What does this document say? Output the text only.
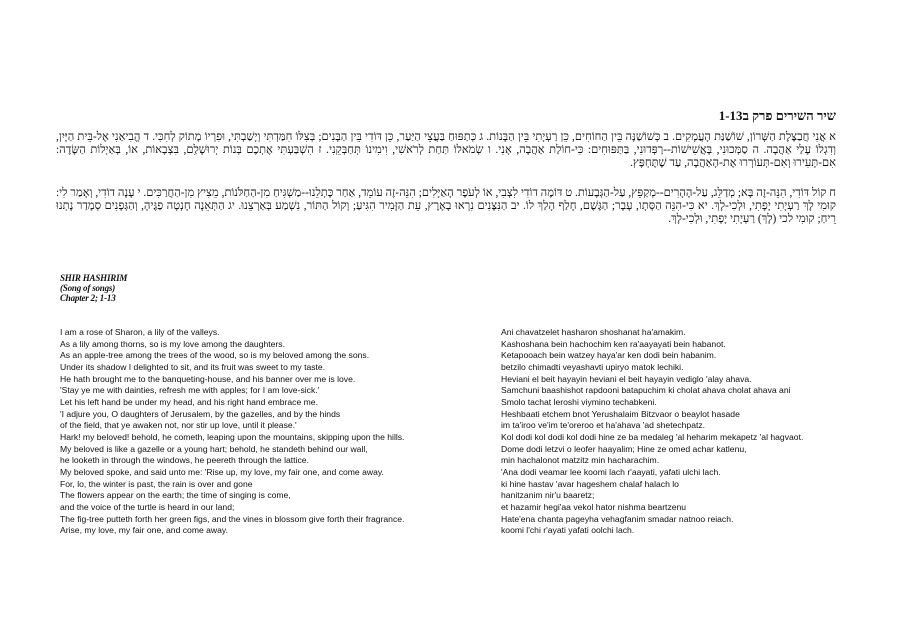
שיר השירים פרק ב1-13
א אֲנִי חֲבַצֶּלֶת הַשָּׁרוֹן, שׁוֹשַׁנַּת הָעֲמָקִים. ב כְּשׁוֹשַׁנָּה בֵּין הַחוֹחִים, כֵּן רַעְיָתִי בֵּין הַבָּנוֹת. ג כְּתַפּוּחַ בַּעֲצֵי הַיַּעַר, כֵּן דּוֹדִי בֵּין הַבָּנִים; בְּצִלּוֹ חִמַּדְתִּי וְיָשַׁבְתִּי, וּפִרְיוֹ מָתוֹק לְחִכִּי. ד הֱבִיאַנִי אֶל-בֵּית הַיָּיִן, וְדִגְלוֹ עָלַי אַהֲבָה. ה סַמְּכוּנִי, בָּאֲשִׁישׁוֹת--רַפְּדוּנִי, בַּתַּפּוּחִים: כִּי-חוֹלַת אַהֲבָה, אָנִי. ו שְׂמֹאלוֹ תַּחַת לְרֹאשִׁי, וִימִינוֹ תְּחַבְּקֵנִי. ז הִשְׁבַּעְתִּי אֶתְכֶם בְּנוֹת יְרוּשָׁלִַם, בִּצְבָאוֹת, אוֹ, בְּאַיְלוֹת הַשָּׂדֶה: אִם-תָּעִירוּ וְאִם-תְּעוֹרְרוּ אֶת-הָאַהֲבָה, עַד שֶׁתֶּחְפָּץ.
ח קוֹל דּוֹדִי, הִנֵּה-זֶה בָּא; מְדַלֵּג, עַל-הֶהָרִים--מְקַפֵּץ, עַל-הַגְּבָעוֹת. ט דּוֹמֶה דוֹדִי לִצְבִי, אוֹ לְעֹפֶר הָאַיָּלִים; הִנֵּה-זֶה עוֹמֵד, אַחַר כָּתְלֵנוּ--מַשְׁגִּיחַ מִן-הַחַלֹּנוֹת, מֵצִיץ מִן-הַחֲרַכִּים. י עָנָה דוֹדִי, וְאָמַר לִי: קוּמִי לָךְ רַעְיָתִי יָפָתִי, וּלְכִי-לָךְ. יא כִּי-הִנֵּה הַסְּתָו, עָבָר; הַגֶּשֶׁם, חָלַף הָלַךְ לוֹ. יב הַנִּצָּנִים נִרְאוּ בָאָרֶץ, עֵת הַזָּמִיר הִגִּיעַ; וְקוֹל הַתּוֹר, נִשְׁמַע בְּאַרְצֵנוּ. יג הַתְּאֵנָה חָנְטָה פַגֶּיהָ, וְהַגְּפָנִים סְמָדַר נָתְנוּ רֵיחַ; קוּמִי לכי (לָךְ) רַעְיָתִי יָפָתִי, וּלְכִי-לָךְ.
SHIR HASHIRIM
(Song of songs)
Chapter 2; 1-13
I am a rose of Sharon, a lily of the valleys.
As a lily among thorns, so is my love among the daughters.
As an apple-tree among the trees of the wood, so is my beloved among the sons.
Under its shadow I delighted to sit, and its fruit was sweet to my taste.
He hath brought me to the banqueting-house, and his banner over me is love.
'Stay ye me with dainties, refresh me with apples; for I am love-sick.'
Let his left hand be under my head, and his right hand embrace me.
'I adjure you, O daughters of Jerusalem, by the gazelles, and by the hinds
of the field, that ye awaken not, nor stir up love, until it please.'
Hark! my beloved! behold, he cometh, leaping upon the mountains, skipping upon the hills.
My beloved is like a gazelle or a young hart; behold, he standeth behind our wall,
he looketh in through the windows, he peereth through the lattice.
My beloved spoke, and said unto me: 'Rise up, my love, my fair one, and come away.
For, lo, the winter is past, the rain is over and gone
The flowers appear on the earth; the time of singing is come,
and the voice of the turtle is heard in our land;
The fig-tree putteth forth her green figs, and the vines in blossom give forth their fragrance.
Arise, my love, my fair one, and come away.
Ani chavatzelet hasharon shoshanat ha'amakim.
Kashoshana bein hachochim ken ra'aayayati bein habanot.
Ketapooach bein watzey haya'ar ken dodi bein habanim.
betzilo chimadti veyashavti upiryo matok lechiki.
Heviani el beit hayayin heviani el beit hayayin vediglo 'alay ahava.
Samchuni baashishot rapdooni batapuchim ki cholat ahava cholat ahava ani
Smolo tachat leroshi viymino techabkeni.
Heshbaati etchem bnot Yerushalaim Bitzvaor o beaylot hasade
im ta'iroo ve'im te'oreroo et ha'ahava 'ad shetechpatz.
Kol dodi kol dodi kol dodi hine ze ba medaleg 'al heharim mekapetz 'al hagvaot.
Dome dodi letzvi o leofer haayalim; Hine ze omed achar katlenu,
min hachalonot matzitz min hacharachim.
'Ana dodi veamar lee koomi lach r'aayati, yafati ulchi lach.
ki hine hastav 'avar hageshem chalaf halach lo
hanitzanim nir'u baaretz;
et hazamir hegi'aa vekol hator nishma beartzenu
Hate'ena chanta pageyha vehagfanim smadar natnoo reiach.
koomi l'chi r'ayati yafati oolchi lach.
